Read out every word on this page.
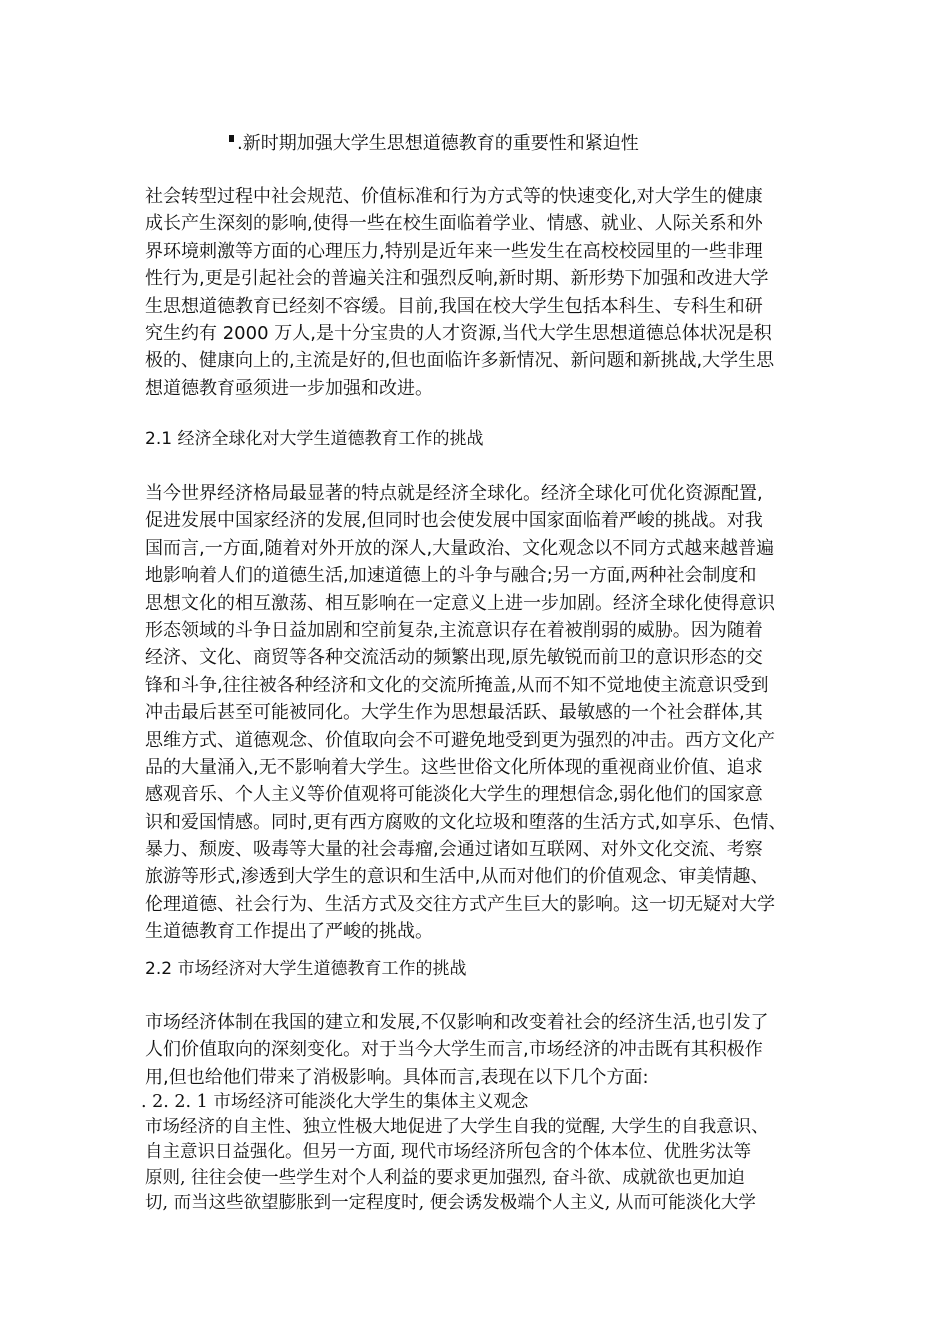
.新时期加强大学生思想道德教育的重要性和紧迫性
社会转型过程中社会规范、价值标准和行为方式等的快速变化,对大学生的健康
成长产生深刻的影响,使得一些在校生面临着学业、情感、就业、人际关系和外
界环境刺激等方面的心理压力,特别是近年来一些发生在高校校园里的一些非理
性行为,更是引起社会的普遍关注和强烈反响,新时期、新形势下加强和改进大学
生思想道德教育已经刻不容缓。目前,我国在校大学生包括本科生、专科生和研
究生约有 2000 万人,是十分宝贵的人才资源,当代大学生思想道德总体状况是积
极的、健康向上的,主流是好的,但也面临许多新情况、新问题和新挑战,大学生思
想道德教育亟须进一步加强和改进。
2.1 经济全球化对大学生道德教育工作的挑战
当今世界经济格局最显著的特点就是经济全球化。经济全球化可优化资源配置,
促进发展中国家经济的发展,但同时也会使发展中国家面临着严峻的挑战。对我
国而言,一方面,随着对外开放的深人,大量政治、文化观念以不同方式越来越普遍
地影响着人们的道德生活,加速道德上的斗争与融合;另一方面,两种社会制度和
思想文化的相互激荡、相互影响在一定意义上进一步加剧。经济全球化使得意识
形态领域的斗争日益加剧和空前复杂,主流意识存在着被削弱的威胁。因为随着
经济、文化、商贸等各种交流活动的频繁出现,原先敏锐而前卫的意识形态的交
锋和斗争,往往被各种经济和文化的交流所掩盖,从而不知不觉地使主流意识受到
冲击最后甚至可能被同化。大学生作为思想最活跃、最敏感的一个社会群体,其
思维方式、道德观念、价值取向会不可避免地受到更为强烈的冲击。西方文化产
品的大量涌入,无不影响着大学生。这些世俗文化所体现的重视商业价值、追求
感观音乐、个人主义等价值观将可能淡化大学生的理想信念,弱化他们的国家意
识和爱国情感。同时,更有西方腐败的文化垃圾和堕落的生活方式,如享乐、色情、
暴力、颓废、吸毒等大量的社会毒瘤,会通过诸如互联网、对外文化交流、考察
旅游等形式,渗透到大学生的意识和生活中,从而对他们的价值观念、审美情趣、
伦理道德、社会行为、生活方式及交往方式产生巨大的影响。这一切无疑对大学
生道德教育工作提出了严峻的挑战。
2.2 市场经济对大学生道德教育工作的挑战
市场经济体制在我国的建立和发展,不仅影响和改变着社会的经济生活,也引发了
人们价值取向的深刻变化。对于当今大学生而言,市场经济的冲击既有其积极作
用,但也给他们带来了消极影响。具体而言,表现在以下几个方面:
. 2. 2. 1 市场经济可能淡化大学生的集体主义观念
市场经济的自主性、独立性极大地促进了大学生自我的觉醒, 大学生的自我意识、
自主意识日益强化。但另一方面, 现代市场经济所包含的个体本位、优胜劣汰等
原则, 往往会使一些学生对个人利益的要求更加强烈, 奋斗欲、成就欲也更加迫
切, 而当这些欲望膨胀到一定程度时, 便会诱发极端个人主义, 从而可能淡化大学
